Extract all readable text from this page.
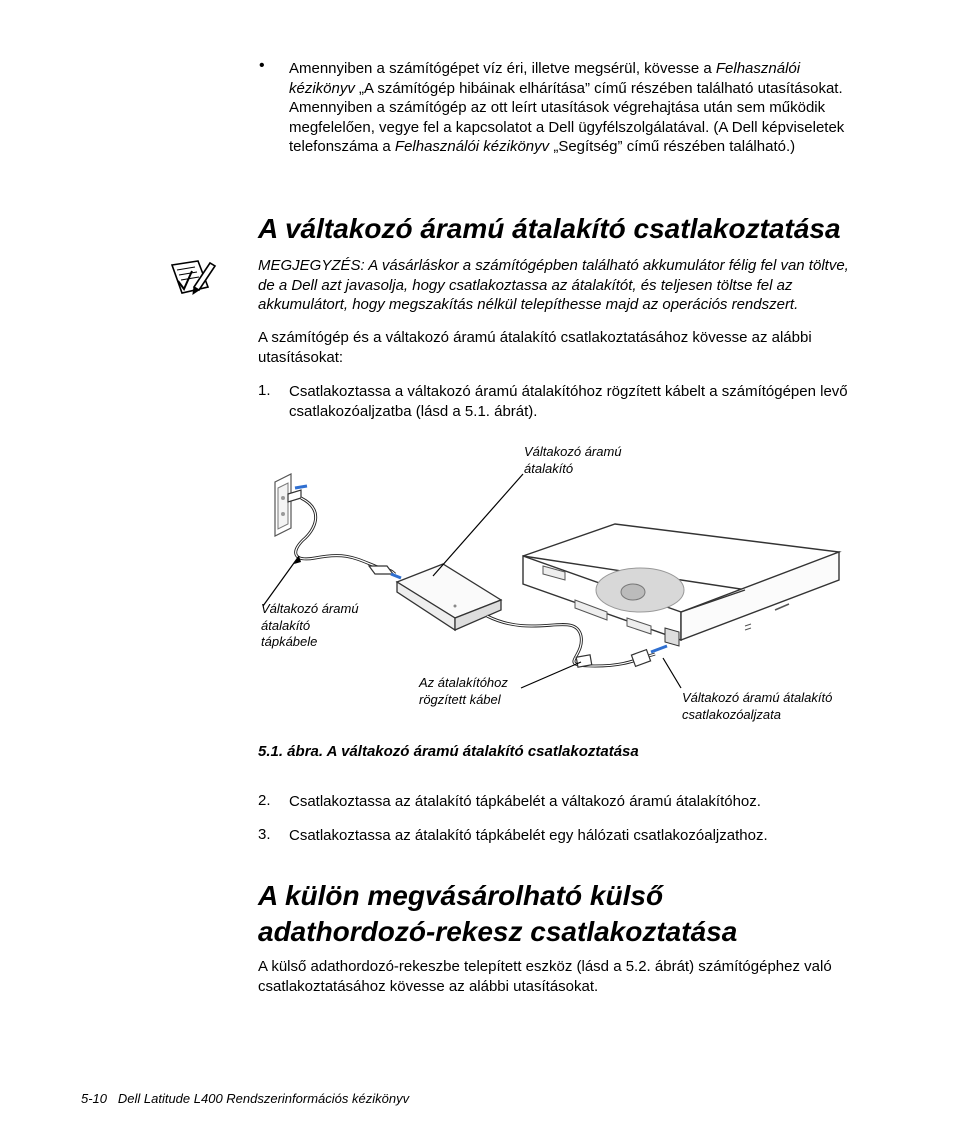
• Amennyiben a számítógépet víz éri, illetve megsérül, kövesse a Felhasználói kézikönyv „A számítógép hibáinak elhárítása” című részében található utasításokat. Amennyiben a számítógép az ott leírt utasítások végrehajtása után sem működik megfelelően, vegye fel a kapcsolatot a Dell ügyfélszolgálatával. (A Dell képviseletek telefonszáma a Felhasználói kézikönyv „Segítség” című részében található.)
A váltakozó áramú átalakító csatlakoztatása
MEGJEGYZÉS: A vásárláskor a számítógépben található akkumulátor félig fel van töltve, de a Dell azt javasolja, hogy csatlakoztassa az átalakítót, és teljesen töltse fel az akkumulátort, hogy megszakítás nélkül telepíthesse majd az operációs rendszert.
A számítógép és a váltakozó áramú átalakító csatlakoztatásához kövesse az alábbi utasításokat:
1. Csatlakoztassa a váltakozó áramú átalakítóhoz rögzített kábelt a számítógépen levő csatlakozóaljzatba (lásd a 5.1. ábrát).
Váltakozó áramú
átalakító
Váltakozó áramú
átalakító
tápkábele
Az átalakítóhoz
rögzített kábel	Váltakozó áramú átalakító
csatlakozóaljzata
5.1. ábra. A váltakozó áramú átalakító csatlakoztatása
2. Csatlakoztassa az átalakító tápkábelét a váltakozó áramú átalakítóhoz.
3. Csatlakoztassa az átalakító tápkábelét egy hálózati csatlakozóaljzathoz.
A külön megvásárolható külső
adathordozó-rekesz csatlakoztatása
A külső adathordozó-rekeszbe telepített eszköz (lásd a 5.2. ábrát) számítógéphez való csatlakoztatásához kövesse az alábbi utasításokat.
5-10 Dell Latitude L400 Rendszerinformációs kézikönyv
